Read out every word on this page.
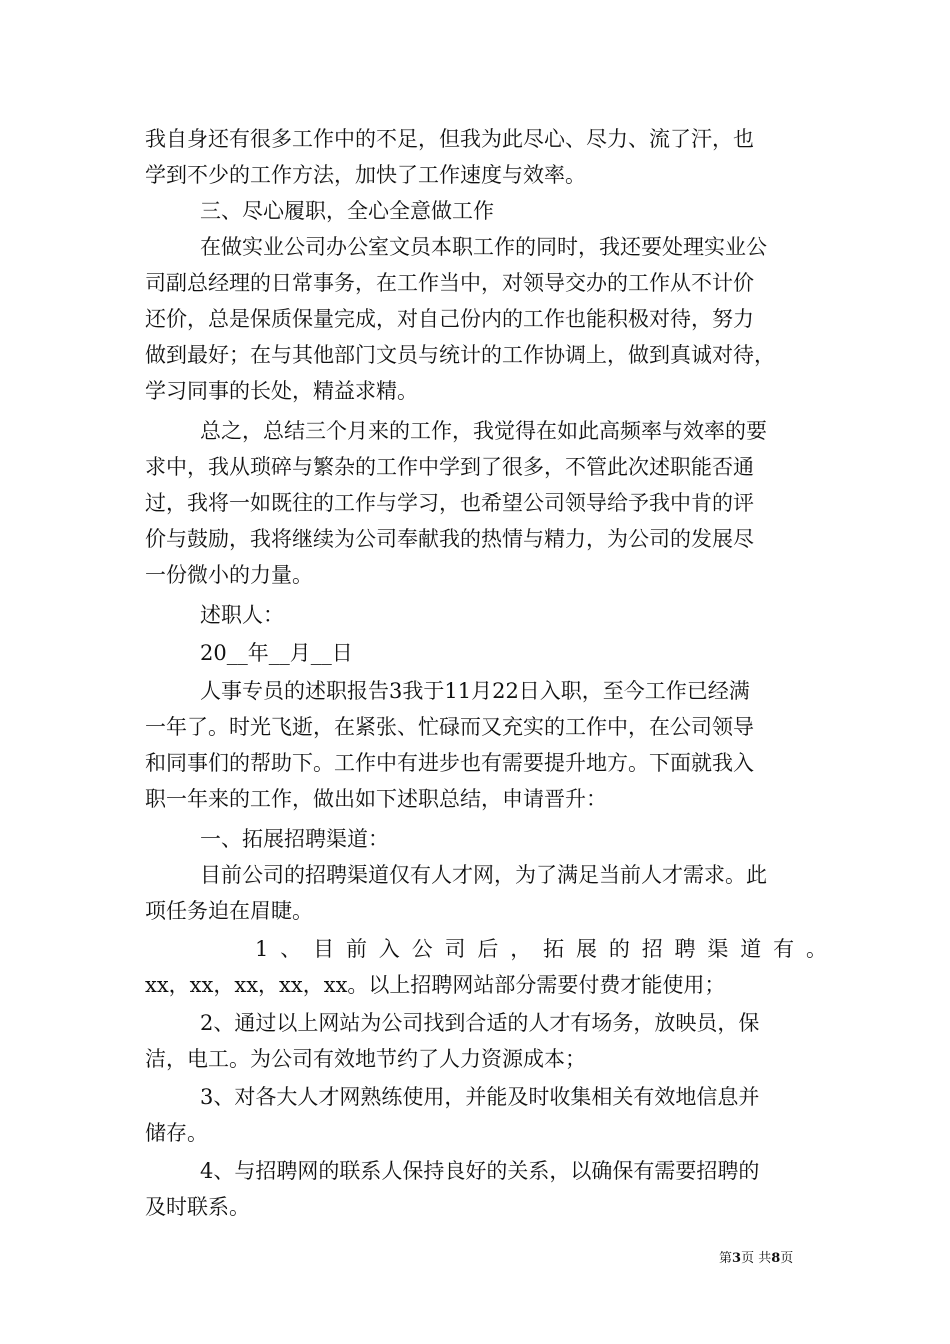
我自身还有很多工作中的不足，但我为此尽心、尽力、流了汗，也
学到不少的工作方法，加快了工作速度与效率。
三、尽心履职，全心全意做工作
在做实业公司办公室文员本职工作的同时，我还要处理实业公
司副总经理的日常事务，在工作当中，对领导交办的工作从不计价
还价，总是保质保量完成，对自己份内的工作也能积极对待，努力
做到最好；在与其他部门文员与统计的工作协调上，做到真诚对待，
学习同事的长处，精益求精。
总之，总结三个月来的工作，我觉得在如此高频率与效率的要
求中，我从琐碎与繁杂的工作中学到了很多，不管此次述职能否通
过，我将一如既往的工作与学习，也希望公司领导给予我中肯的评
价与鼓励，我将继续为公司奉献我的热情与精力，为公司的发展尽
一份微小的力量。
述职人：
20__年__月__日
人事专员的述职报告3我于11月22日入职，至今工作已经满
一年了。时光飞逝，在紧张、忙碌而又充实的工作中，在公司领导
和同事们的帮助下。工作中有进步也有需要提升地方。下面就我入
职一年来的工作，做出如下述职总结，申请晋升：
一、拓展招聘渠道：
目前公司的招聘渠道仅有人才网，为了满足当前人才需求。此
项任务迫在眉睫。
1、目前入公司后，拓展的招聘渠道有。
xx，xx，xx，xx，xx。以上招聘网站部分需要付费才能使用；
2、通过以上网站为公司找到合适的人才有场务，放映员，保
洁，电工。为公司有效地节约了人力资源成本；
3、对各大人才网熟练使用，并能及时收集相关有效地信息并
储存。
4、与招聘网的联系人保持良好的关系，以确保有需要招聘的
及时联系。
第3页 共8页
